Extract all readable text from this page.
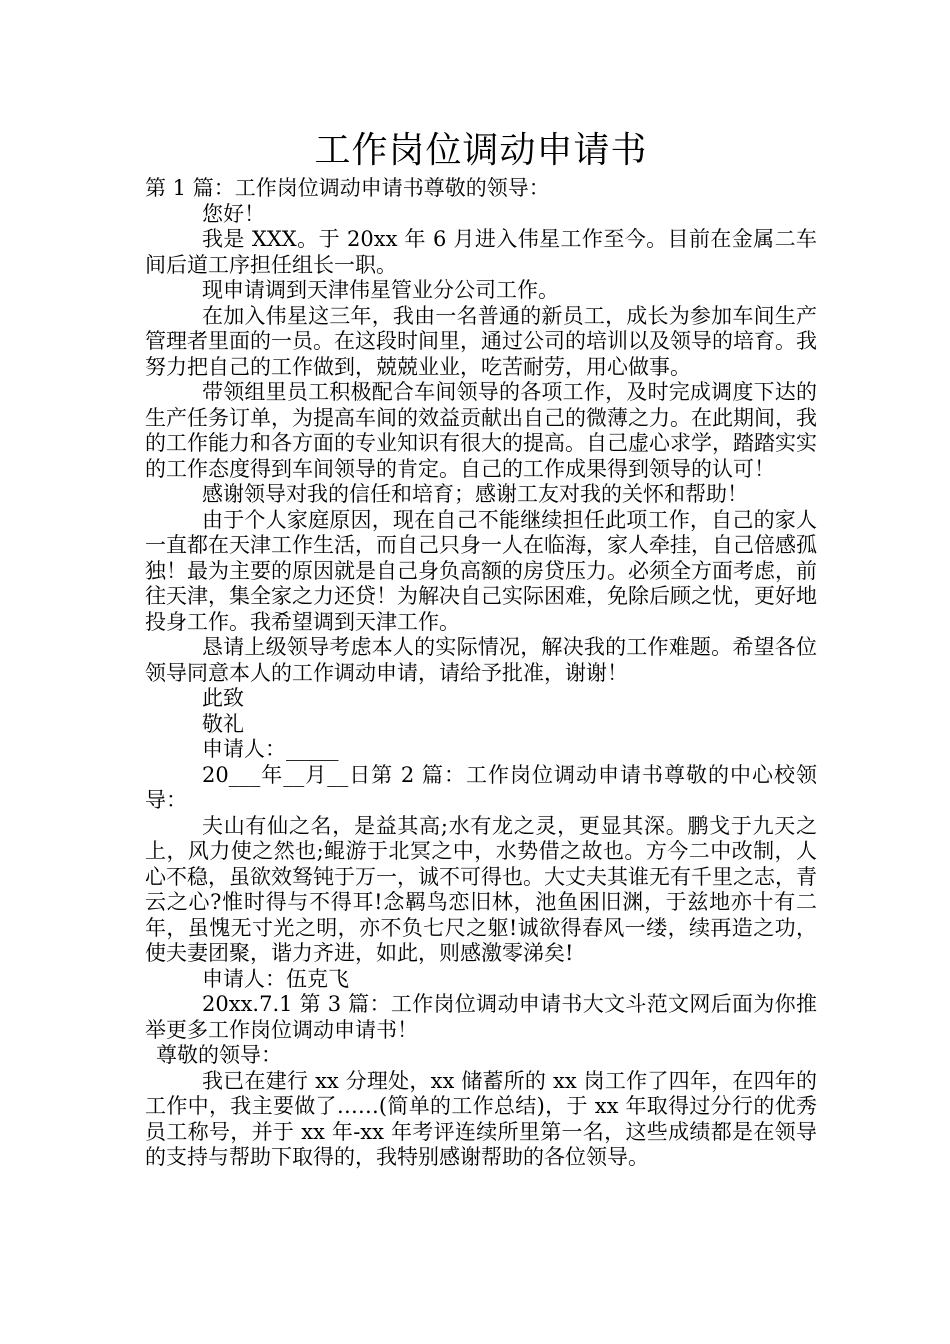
工作岗位调动申请书

第 1 篇：工作岗位调动申请书尊敬的领导：

您好！

我是 XXX。于 20xx 年 6 月进入伟星工作至今。目前在金属二车间后道工序担任组长一职。

现申请调到天津伟星管业分公司工作。

在加入伟星这三年，我由一名普通的新员工，成长为参加车间生产管理者里面的一员。在这段时间里，通过公司的培训以及领导的培育。我努力把自己的工作做到，兢兢业业，吃苦耐劳，用心做事。

带领组里员工积极配合车间领导的各项工作，及时完成调度下达的生产任务订单，为提高车间的效益贡献出自己的微薄之力。在此期间，我的工作能力和各方面的专业知识有很大的提高。自己虚心求学，踏踏实实的工作态度得到车间领导的肯定。自己的工作成果得到领导的认可！

感谢领导对我的信任和培育；感谢工友对我的关怀和帮助！

由于个人家庭原因，现在自己不能继续担任此项工作，自己的家人一直都在天津工作生活，而自己只身一人在临海，家人牵挂，自己倍感孤独！最为主要的原因就是自己身负高额的房贷压力。必须全方面考虑，前往天津，集全家之力还贷！为解决自己实际困难，免除后顾之忧，更好地投身工作。我希望调到天津工作。

恳请上级领导考虑本人的实际情况，解决我的工作难题。希望各位领导同意本人的工作调动申请，请给予批准，谢谢！

此致

敬礼

申请人：_____

20___年__月__日第 2 篇：工作岗位调动申请书尊敬的中心校领导：

夫山有仙之名，是益其高;水有龙之灵，更显其深。鹏戈于九天之上，风力使之然也;鲲游于北冥之中，水势借之故也。方今二中改制，人心不稳，虽欲效驽钝于万一，诚不可得也。大丈夫其谁无有千里之志，青云之心?惟时得与不得耳!念羁鸟恋旧林，池鱼困旧渊，于兹地亦十有二年，虽愧无寸光之明，亦不负七尺之躯!诚欲得春风一缕，续再造之功，使夫妻团聚，谐力齐进，如此，则感激零涕矣!

申请人：伍克飞

20xx.7.1 第 3 篇：工作岗位调动申请书大文斗范文网后面为你推举更多工作岗位调动申请书！

尊敬的领导：

我已在建行 xx 分理处，xx 储蓄所的 xx 岗工作了四年，在四年的工作中，我主要做了……(简单的工作总结)，于 xx 年取得过分行的优秀员工称号，并于 xx 年-xx 年考评连续所里第一名，这些成绩都是在领导的支持与帮助下取得的，我特别感谢帮助的各位领导。
